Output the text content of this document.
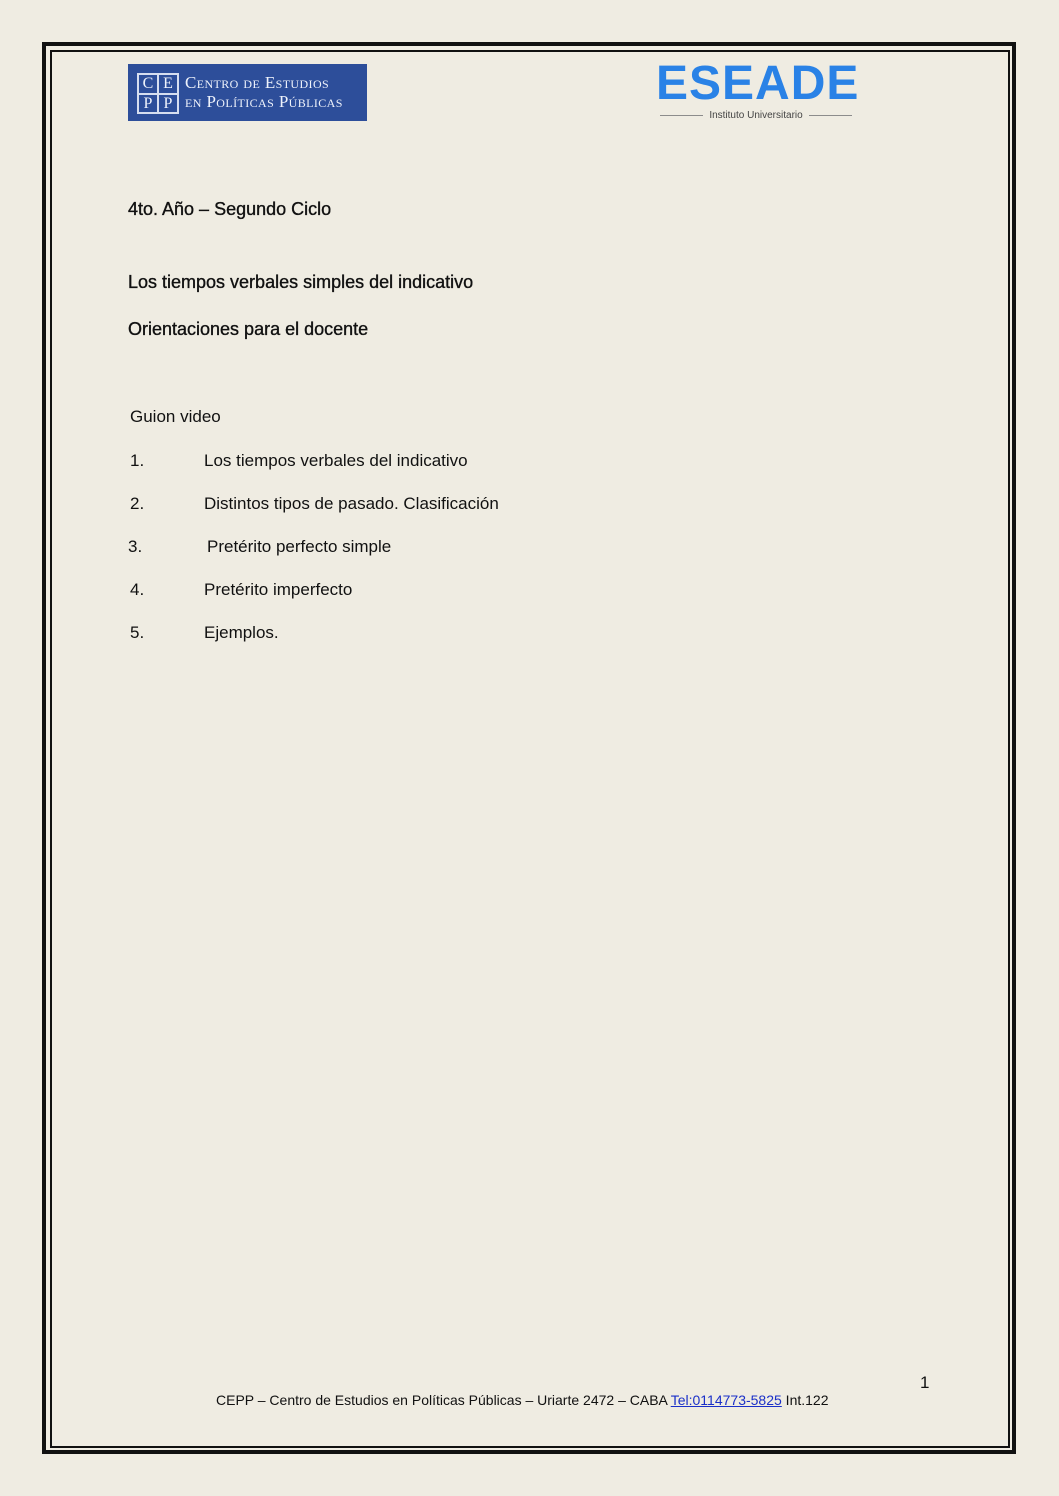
C E
P P
Centro de Estudios
en Políticas Públicas	ESEADE
Instituto Universitario
4to. Año – Segundo Ciclo
Los tiempos verbales simples del indicativo
Orientaciones para el docente
Guion video
1.	Los tiempos verbales del indicativo
2.	Distintos tipos de pasado. Clasificación
3.	Pretérito perfecto simple
4.	Pretérito imperfecto
5.	Ejemplos.
1
CEPP – Centro de Estudios en Políticas Públicas – Uriarte 2472 – CABA Tel:0114773-5825 Int.122
